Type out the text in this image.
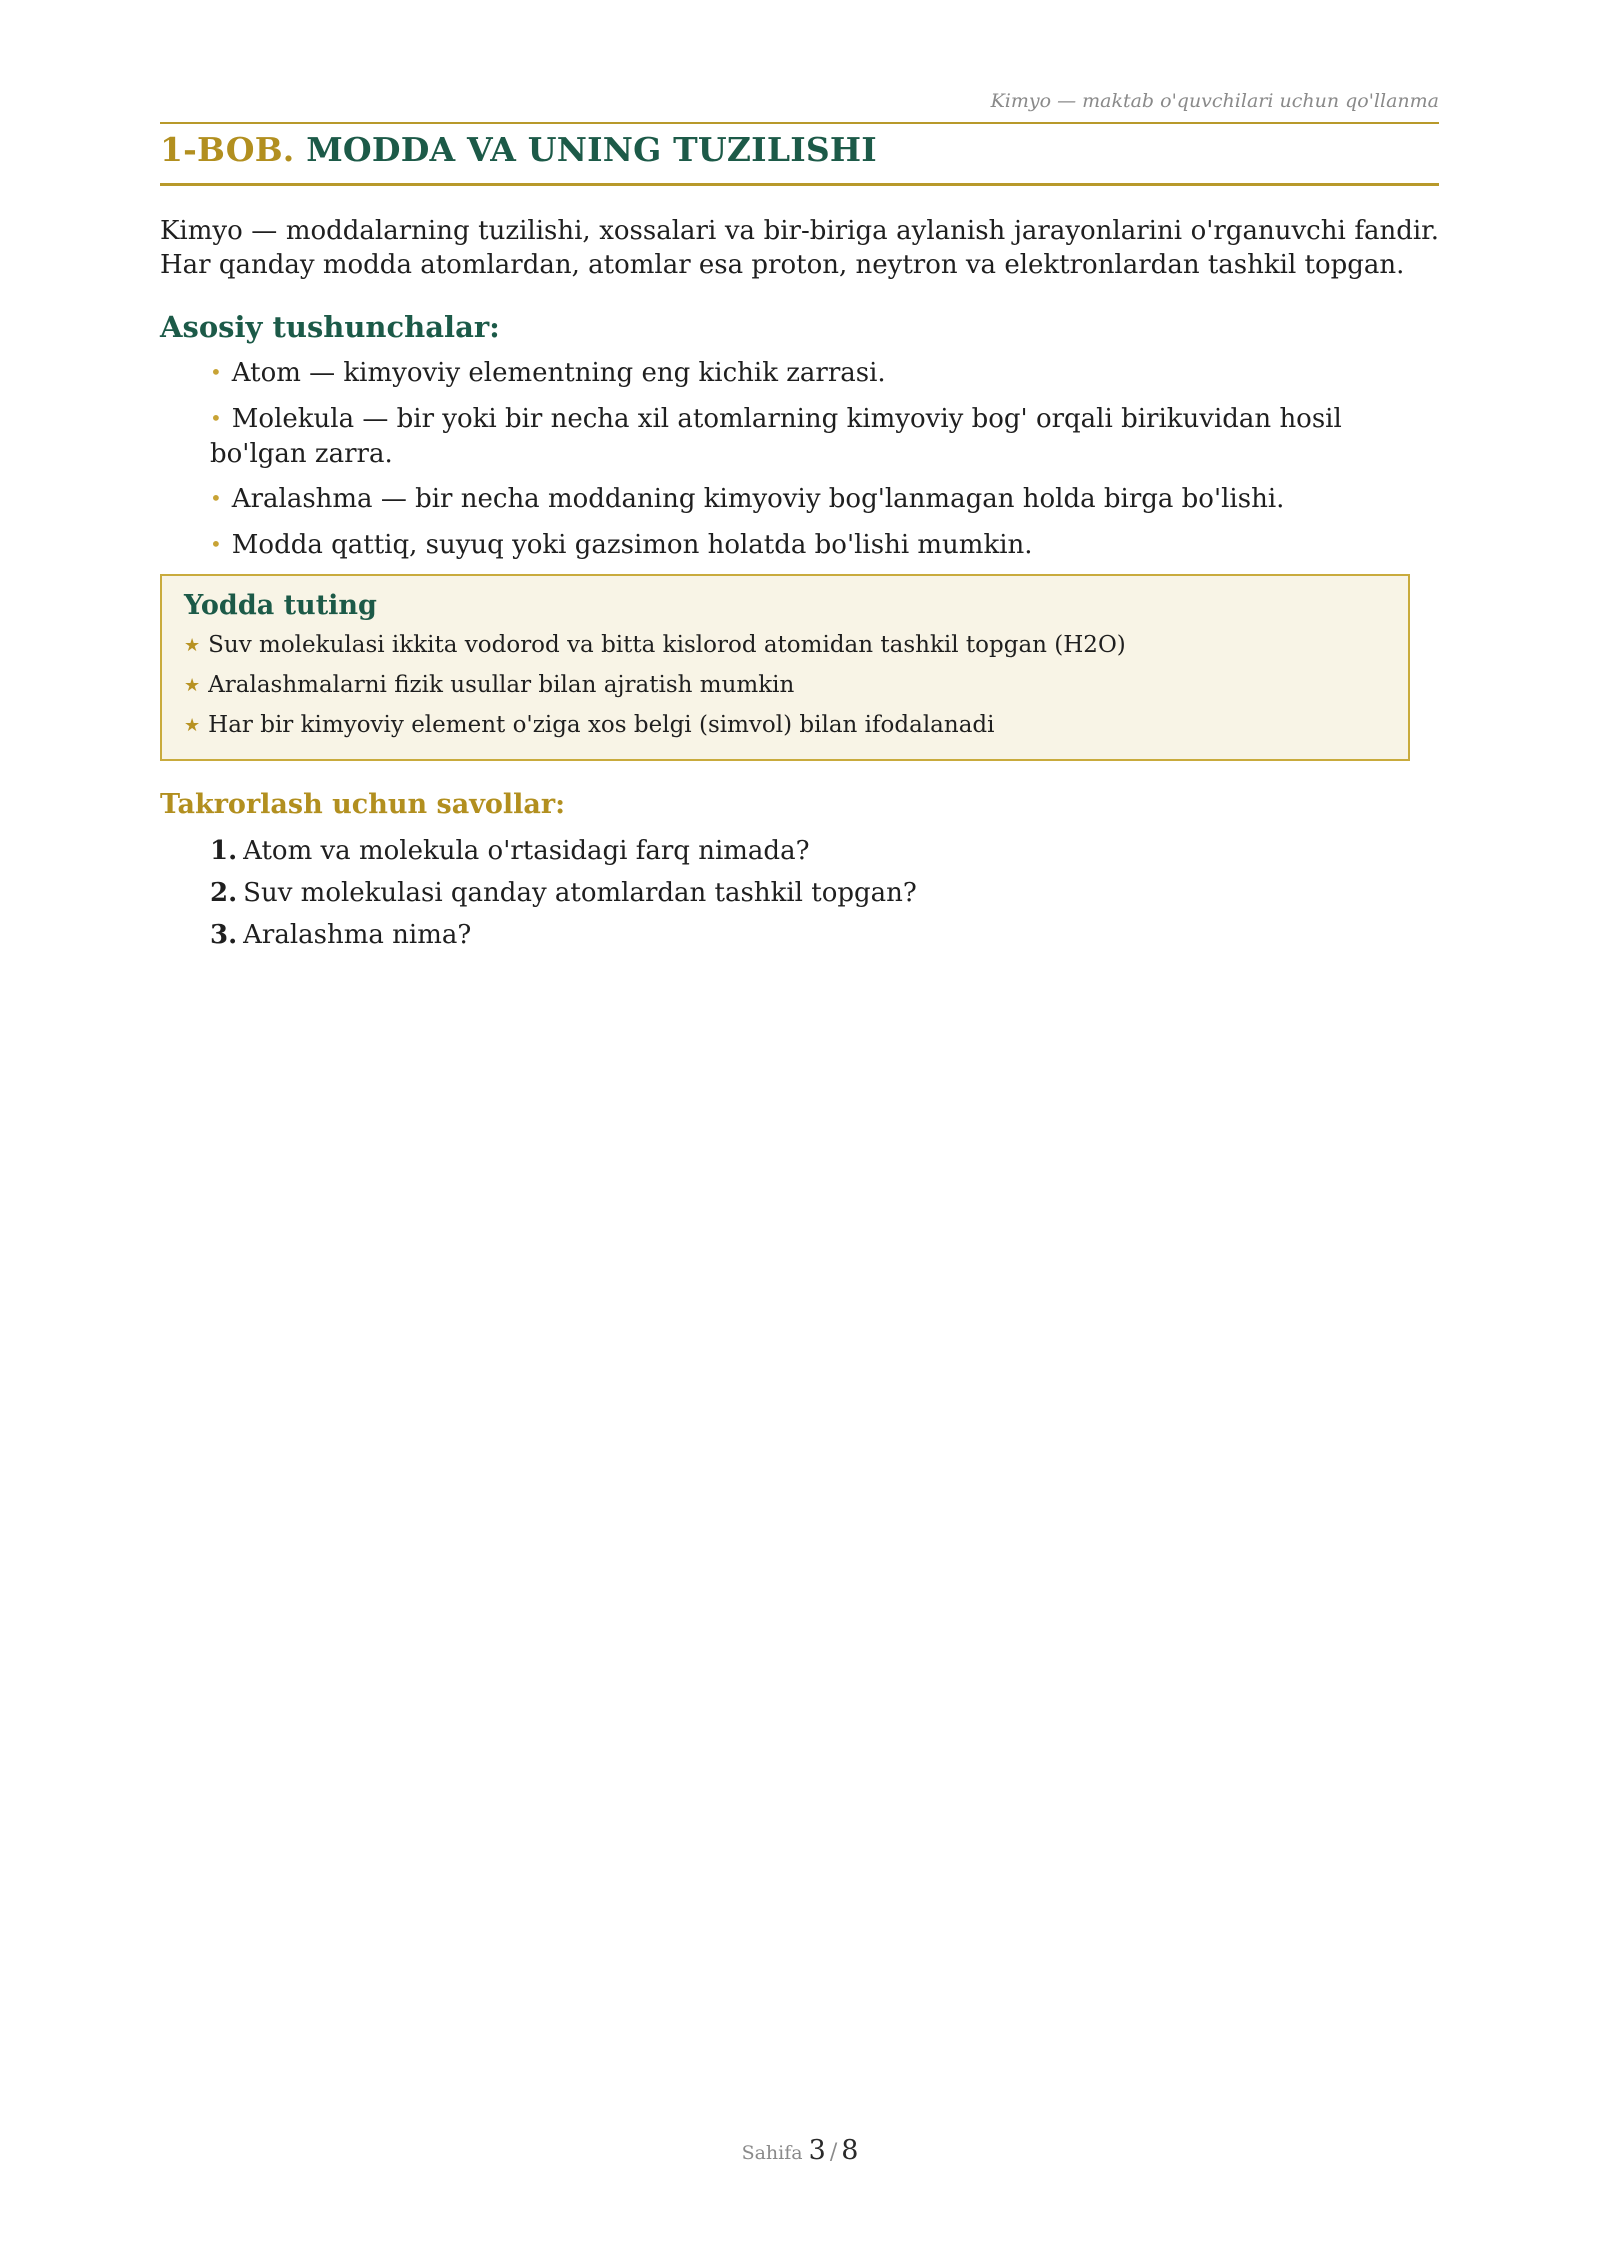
Kimyo — maktab o'quvchilari uchun qo'llanma
1-BOB. MODDA VA UNING TUZILISHI

Kimyo — moddalarning tuzilishi, xossalari va bir-biriga aylanish jarayonlarini o'rganuvchi fandir. Har qanday modda atomlardan, atomlar esa proton, neytron va elektronlardan tashkil topgan.

Asosiy tushunchalar:
• Atom — kimyoviy elementning eng kichik zarrasi.
• Molekula — bir yoki bir necha xil atomlarning kimyoviy bog' orqali birikuvidan hosil bo'lgan zarra.
• Aralashma — bir necha moddaning kimyoviy bog'lanmagan holda birga bo'lishi.
• Modda qattiq, suyuq yoki gazsimon holatda bo'lishi mumkin.
Yodda tuting
★ Suv molekulasi ikkita vodorod va bitta kislorod atomidan tashkil topgan (H2O)
★ Aralashmalarni fizik usullar bilan ajratish mumkin
★ Har bir kimyoviy element o'ziga xos belgi (simvol) bilan ifodalanadi
Takrorlash uchun savollar:
1. Atom va molekula o'rtasidagi farq nimada?
2. Suv molekulasi qanday atomlardan tashkil topgan?
3. Aralashma nima?
Sahifa 3 / 8
